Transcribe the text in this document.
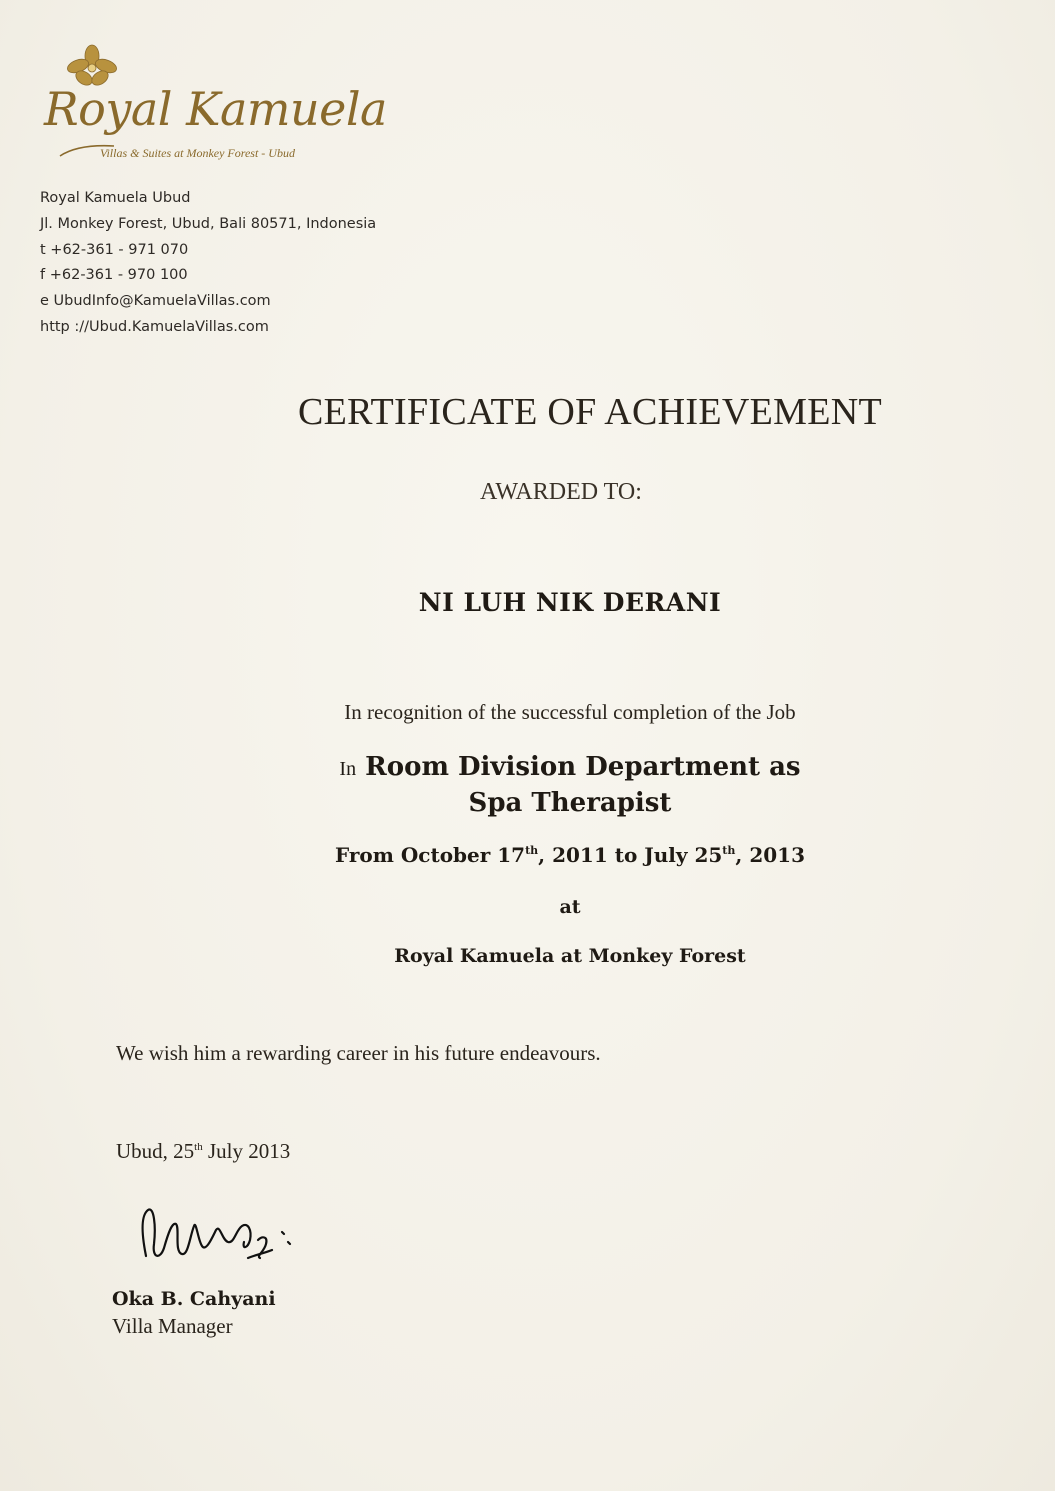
Royal Kamuela
Villas & Suites at Monkey Forest - Ubud
Royal Kamuela Ubud
Jl. Monkey Forest, Ubud, Bali 80571, Indonesia
t +62-361 - 971 070
f +62-361 - 970 100
e UbudInfo@KamuelaVillas.com
http ://Ubud.KamuelaVillas.com
CERTIFICATE OF ACHIEVEMENT
AWARDED TO:
NI LUH NIK DERANI
In recognition of the successful completion of the Job
In Room Division Department as
Spa Therapist
From October 17th, 2011 to July 25th, 2013
at
Royal Kamuela at Monkey Forest
We wish him a rewarding career in his future endeavours.
Ubud, 25th July 2013
Oka B. Cahyani
Villa Manager
